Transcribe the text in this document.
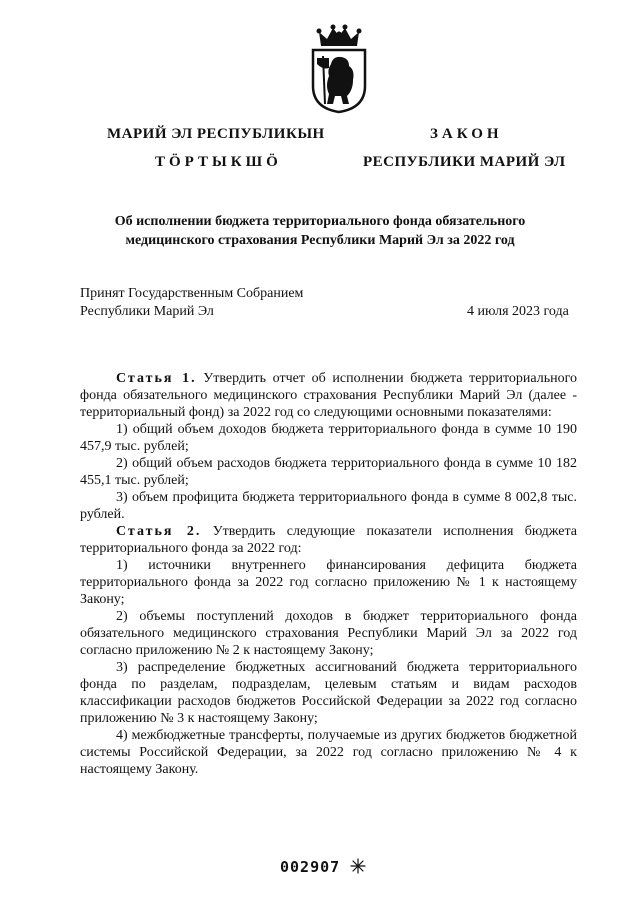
МАРИЙ ЭЛ РЕСПУБЛИКЫН
ТӦРТЫКШӦ
ЗАКОН
РЕСПУБЛИКИ МАРИЙ ЭЛ
Об исполнении бюджета территориального фонда обязательного
медицинского страхования Республики Марий Эл за 2022 год
Принят Государственным Собранием
Республики Марий Эл	4 июля 2023 года

Статья 1. Утвердить отчет об исполнении бюджета территориального фонда обязательного медицинского страхования Республики Марий Эл (далее - территориальный фонд) за 2022 год со следующими основными показателями:

1) общий объем доходов бюджета территориального фонда в сумме 10 190 457,9 тыс. рублей;

2) общий объем расходов бюджета территориального фонда в сумме 10 182 455,1 тыс. рублей;

3) объем профицита бюджета территориального фонда в сумме 8 002,8 тыс. рублей.

Статья 2. Утвердить следующие показатели исполнения бюджета территориального фонда за 2022 год:

1) источники внутреннего финансирования дефицита бюджета территориального фонда за 2022 год согласно приложению № 1 к настоящему Закону;

2) объемы поступлений доходов в бюджет территориального фонда обязательного медицинского страхования Республики Марий Эл за 2022 год согласно приложению № 2 к настоящему Закону;

3) распределение бюджетных ассигнований бюджета территориального фонда по разделам, подразделам, целевым статьям и видам расходов классификации расходов бюджетов Российской Федерации за 2022 год согласно приложению № 3 к настоящему Закону;

4) межбюджетные трансферты, получаемые из других бюджетов бюджетной системы Российской Федерации, за 2022 год согласно приложению № 4 к настоящему Закону.

002907
